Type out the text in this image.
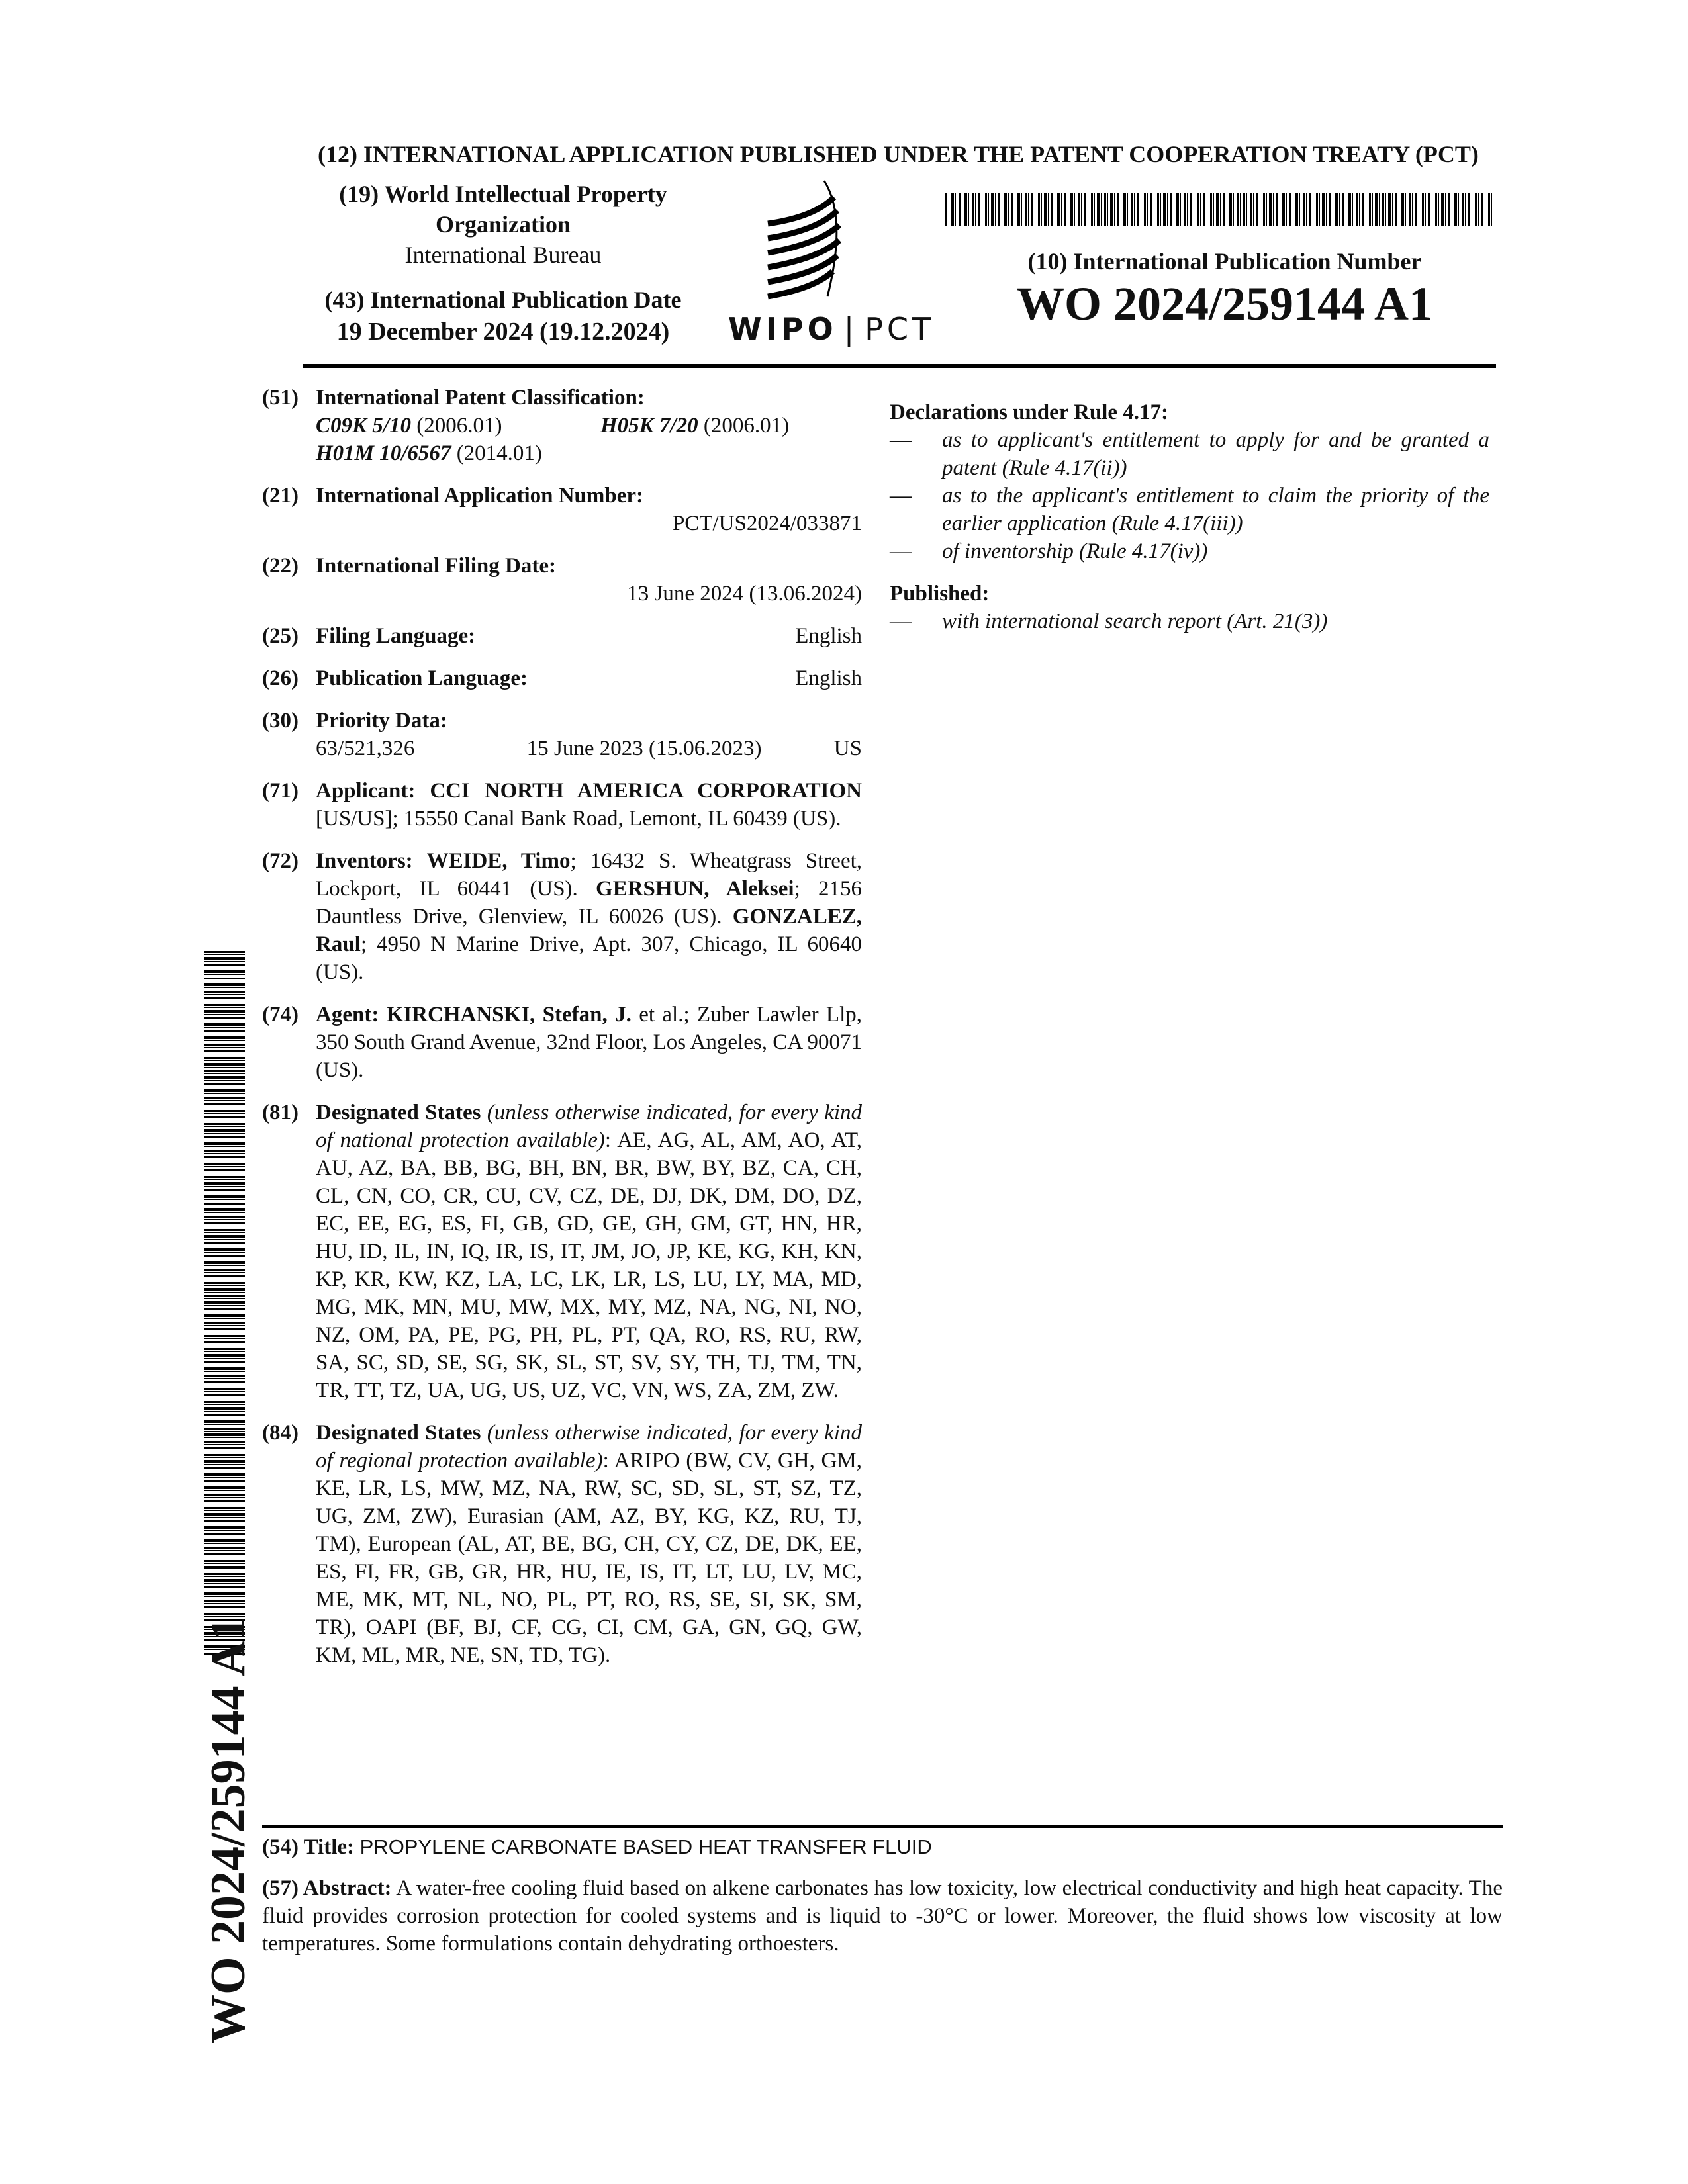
(12) INTERNATIONAL APPLICATION PUBLISHED UNDER THE PATENT COOPERATION TREATY (PCT)
(19) World Intellectual Property
Organization
International Bureau
(43) International Publication Date
19 December 2024 (19.12.2024)	WIPO | PCT
(10) International Publication Number
WO 2024/259144 A1
(51) International Patent Classification:
C09K 5/10 (2006.01)	H05K 7/20 (2006.01)
H01M 10/6567 (2014.01)
(21) International Application Number:
PCT/US2024/033871
(22) International Filing Date:
13 June 2024 (13.06.2024)
(25) Filing Language:	English
(26) Publication Language:	English
(30) Priority Data:
63/521,326	15 June 2023 (15.06.2023)	US
(71) Applicant: CCI NORTH AMERICA CORPORATION [US/US]; 15550 Canal Bank Road, Lemont, IL 60439 (US).
(72) Inventors: WEIDE, Timo; 16432 S. Wheatgrass Street, Lockport, IL 60441 (US). GERSHUN, Aleksei; 2156 Dauntless Drive, Glenview, IL 60026 (US). GONZALEZ, Raul; 4950 N Marine Drive, Apt. 307, Chicago, IL 60640 (US).
(74) Agent: KIRCHANSKI, Stefan, J. et al.; Zuber Lawler Llp, 350 South Grand Avenue, 32nd Floor, Los Angeles, CA 90071 (US).
(81) Designated States (unless otherwise indicated, for every kind of national protection available): AE, AG, AL, AM, AO, AT, AU, AZ, BA, BB, BG, BH, BN, BR, BW, BY, BZ, CA, CH, CL, CN, CO, CR, CU, CV, CZ, DE, DJ, DK, DM, DO, DZ, EC, EE, EG, ES, FI, GB, GD, GE, GH, GM, GT, HN, HR, HU, ID, IL, IN, IQ, IR, IS, IT, JM, JO, JP, KE, KG, KH, KN, KP, KR, KW, KZ, LA, LC, LK, LR, LS, LU, LY, MA, MD, MG, MK, MN, MU, MW, MX, MY, MZ, NA, NG, NI, NO, NZ, OM, PA, PE, PG, PH, PL, PT, QA, RO, RS, RU, RW, SA, SC, SD, SE, SG, SK, SL, ST, SV, SY, TH, TJ, TM, TN, TR, TT, TZ, UA, UG, US, UZ, VC, VN, WS, ZA, ZM, ZW.
(84) Designated States (unless otherwise indicated, for every kind of regional protection available): ARIPO (BW, CV, GH, GM, KE, LR, LS, MW, MZ, NA, RW, SC, SD, SL, ST, SZ, TZ, UG, ZM, ZW), Eurasian (AM, AZ, BY, KG, KZ, RU, TJ, TM), European (AL, AT, BE, BG, CH, CY, CZ, DE, DK, EE, ES, FI, FR, GB, GR, HR, HU, IE, IS, IT, LT, LU, LV, MC, ME, MK, MT, NL, NO, PL, PT, RO, RS, SE, SI, SK, SM, TR), OAPI (BF, BJ, CF, CG, CI, CM, GA, GN, GQ, GW, KM, ML, MR, NE, SN, TD, TG).
Declarations under Rule 4.17:
— as to applicant's entitlement to apply for and be granted a patent (Rule 4.17(ii))
— as to the applicant's entitlement to claim the priority of the earlier application (Rule 4.17(iii))
— of inventorship (Rule 4.17(iv))
Published:
— with international search report (Art. 21(3))
WO 2024/259144 A1 (54) Title: PROPYLENE CARBONATE BASED HEAT TRANSFER FLUID
(57) Abstract: A water-free cooling fluid based on alkene carbonates has low toxicity, low electrical conductivity and high heat capacity. The fluid provides corrosion protection for cooled systems and is liquid to -30°C or lower. Moreover, the fluid shows low viscosity at low temperatures. Some formulations contain dehydrating orthoesters.
